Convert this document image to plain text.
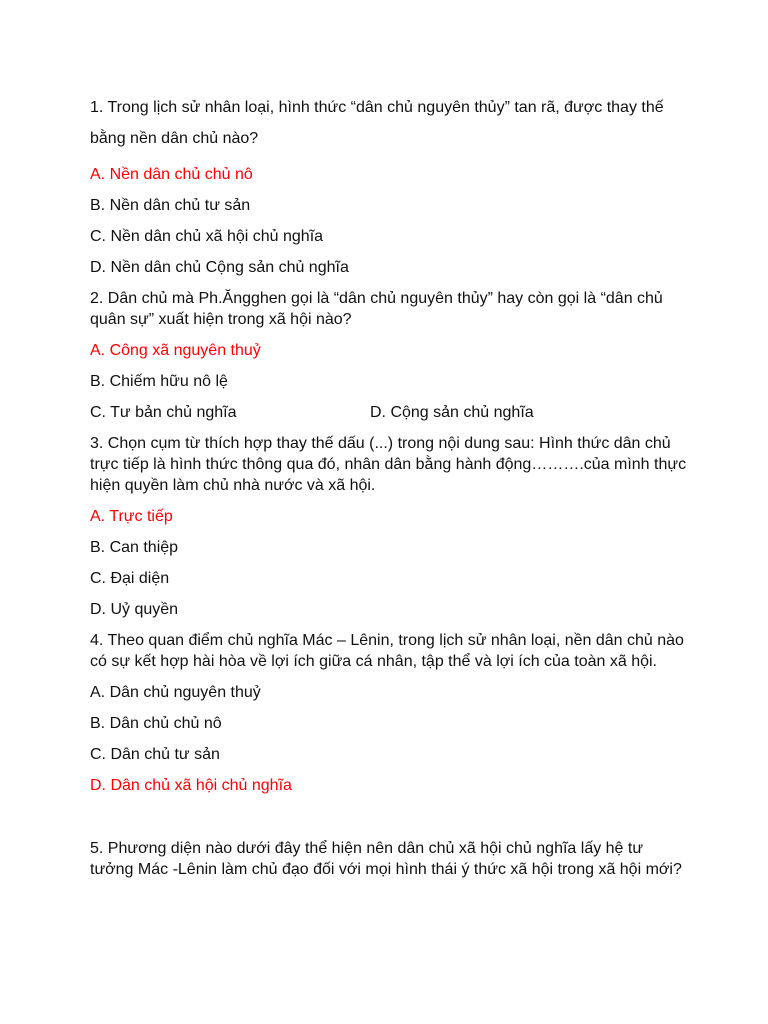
1. Trong lịch sử nhân loại, hình thức “dân chủ nguyên thủy” tan rã, được thay thế bằng nền dân chủ nào?

A. Nền dân chủ chủ nô

B. Nền dân chủ tư sản

C. Nền dân chủ xã hội chủ nghĩa

D. Nền dân chủ Cộng sản chủ nghĩa

2. Dân chủ mà Ph.Ăngghen gọi là “dân chủ nguyên thủy” hay còn gọi là “dân chủ quân sự” xuất hiện trong xã hội nào?

A. Công xã nguyên thuỷ

B. Chiếm hữu nô lệ

C. Tư bản chủ nghĩa	D. Cộng sản chủ nghĩa

3. Chọn cụm từ thích hợp thay thế dấu (...) trong nội dung sau: Hình thức dân chủ trực tiếp là hình thức thông qua đó, nhân dân bằng hành động……….của mình thực hiện quyền làm chủ nhà nước và xã hội.

A. Trực tiếp

B. Can thiệp

C. Đại diện

D. Uỷ quyền

4. Theo quan điểm chủ nghĩa Mác – Lênin, trong lịch sử nhân loại, nền dân chủ nào có sự kết hợp hài hòa về lợi ích giữa cá nhân, tập thể và lợi ích của toàn xã hội.

A. Dân chủ nguyên thuỷ

B. Dân chủ chủ nô

C. Dân chủ tư sản

D. Dân chủ xã hội chủ nghĩa

5. Phương diện nào dưới đây thể hiện nên dân chủ xã hội chủ nghĩa lấy hệ tư tưởng Mác -Lênin làm chủ đạo đối với mọi hình thái ý thức xã hội trong xã hội mới?
